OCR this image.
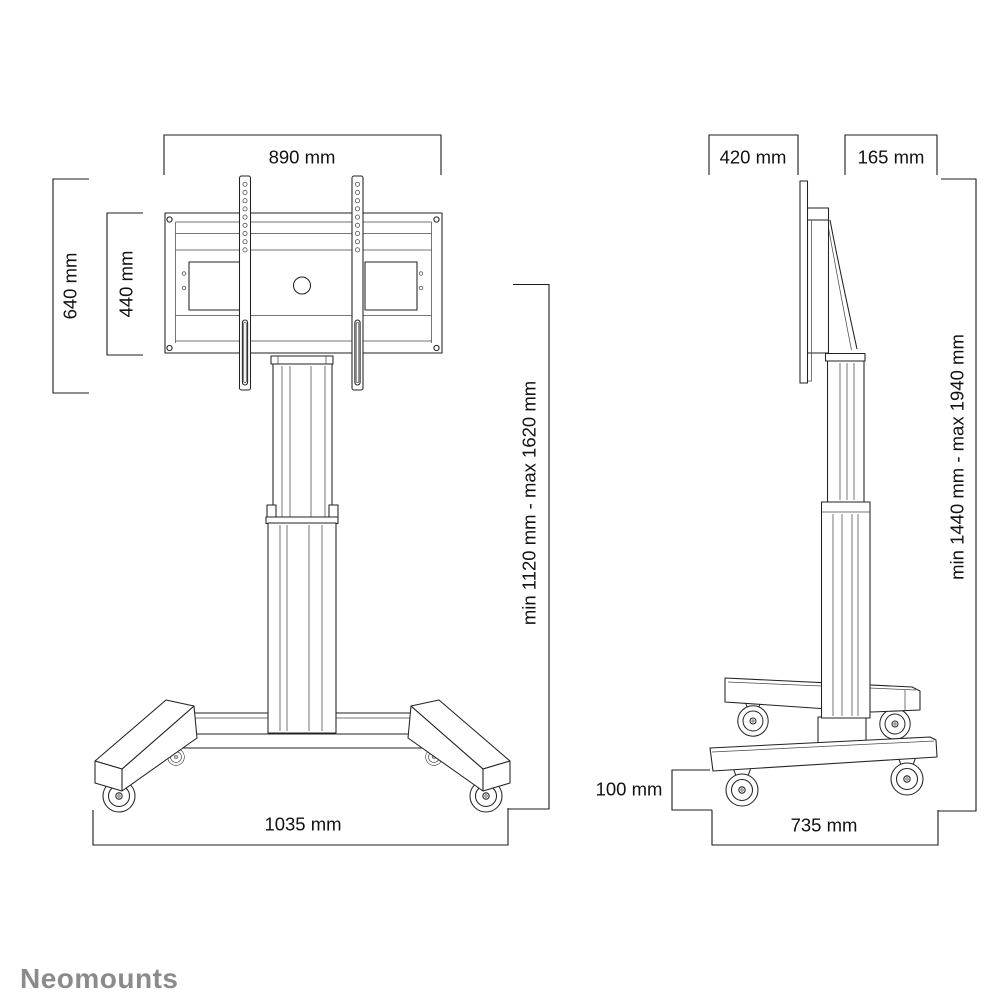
890 mm
640 mm 440 mm
min 1120 mm - max 1620 mm
1035 mm
420 mm	165 mm
min 1440 mm - max 1940 mm
100 mm
735 mm
Neomounts
